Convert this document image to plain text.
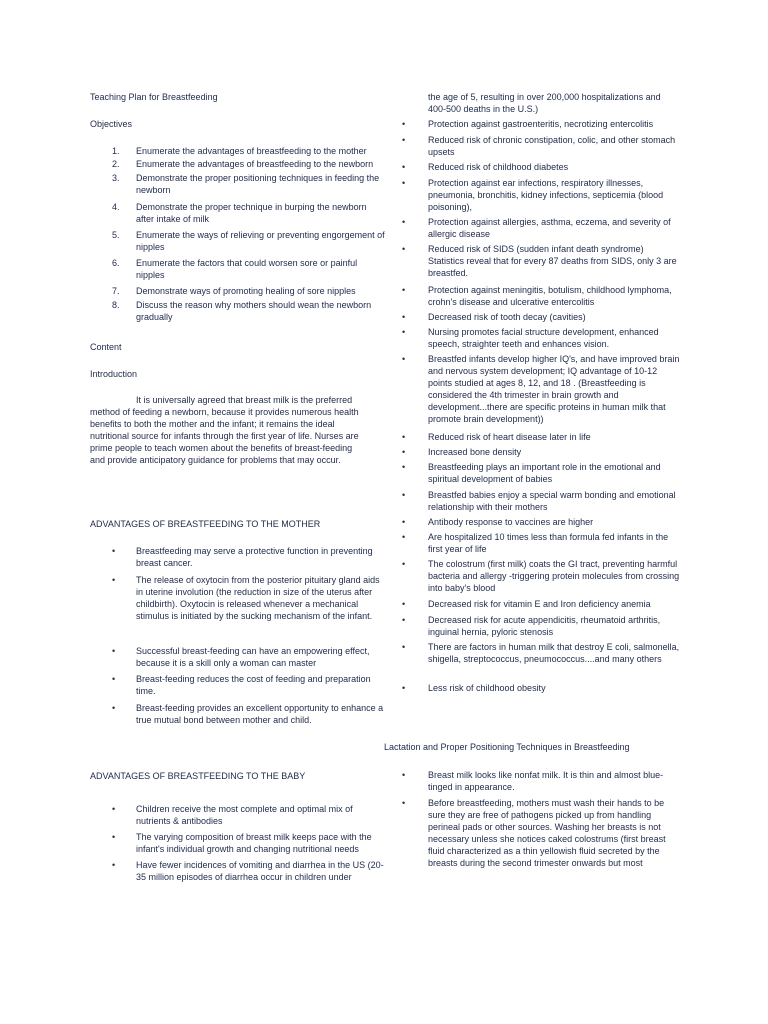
Teaching Plan for Breastfeeding
Objectives
1.	Enumerate the advantages of breastfeeding to the mother
2.	Enumerate the advantages of breastfeeding to the newborn
3.	Demonstrate the proper positioning techniques in feeding the newborn
4.	Demonstrate the proper technique in burping the newborn after intake of milk
5.	Enumerate the ways of relieving or preventing engorgement of nipples
6.	Enumerate the factors that could worsen sore or painful nipples
7.	Demonstrate ways of promoting healing of sore nipples
8.	Discuss the reason why mothers should wean the newborn gradually
Content
Introduction
It is universally agreed that breast milk is the preferred method of feeding a newborn, because it provides numerous health benefits to both the mother and the infant; it remains the ideal nutritional source for infants through the first year of life. Nurses are prime people to teach women about the benefits of breast-feeding and provide anticipatory guidance for problems that may occur.
ADVANTAGES OF BREASTFEEDING TO THE MOTHER
•	Breastfeeding may serve a protective function in preventing breast cancer.
•	The release of oxytocin from the posterior pituitary gland aids in uterine involution (the reduction in size of the uterus after childbirth). Oxytocin is released whenever a mechanical stimulus is initiated by the sucking mechanism of the infant.
•	Successful breast-feeding can have an empowering effect, because it is a skill only a woman can master
•	Breast-feeding reduces the cost of feeding and preparation time.
•	Breast-feeding provides an excellent opportunity to enhance a true mutual bond between mother and child.
ADVANTAGES OF BREASTFEEDING TO THE BABY
•	Children receive the most complete and optimal mix of nutrients & antibodies
•	The varying composition of breast milk keeps pace with the infant's individual growth and changing nutritional needs
•	Have fewer incidences of vomiting and diarrhea in the US (20-35 million episodes of diarrhea occur in children under
the age of 5, resulting in over 200,000 hospitalizations and 400-500 deaths in the U.S.)
•	Protection against gastroenteritis, necrotizing entercolitis
•	Reduced risk of chronic constipation, colic, and other stomach upsets
•	Reduced risk of childhood diabetes
•	Protection against ear infections, respiratory illnesses, pneumonia, bronchitis, kidney infections, septicemia (blood poisoning),
•	Protection against allergies, asthma, eczema, and severity of allergic disease
•	Reduced risk of SIDS (sudden infant death syndrome) Statistics reveal that for every 87 deaths from SIDS, only 3 are breastfed.
•	Protection against meningitis, botulism, childhood lymphoma, crohn's disease and ulcerative entercolitis
•	Decreased risk of tooth decay (cavities)
•	Nursing promotes facial structure development, enhanced speech, straighter teeth and enhances vision.
•	Breastfed infants develop higher IQ's, and have improved brain and nervous system development; IQ advantage of 10-12 points studied at ages 8, 12, and 18 . (Breastfeeding is considered the 4th trimester in brain growth and development...there are specific proteins in human milk that promote brain development))
•	Reduced risk of heart disease later in life
•	Increased bone density
•	Breastfeeding plays an important role in the emotional and spiritual development of babies
•	Breastfed babies enjoy a special warm bonding and emotional relationship with their mothers
•	Antibody response to vaccines are higher
•	Are hospitalized 10 times less than formula fed infants in the first year of life
•	The colostrum (first milk) coats the GI tract, preventing harmful bacteria and allergy -triggering protein molecules from crossing into baby's blood
•	Decreased risk for vitamin E and Iron deficiency anemia
•	Decreased risk for acute appendicitis, rheumatoid arthritis, inguinal hernia, pyloric stenosis
•	There are factors in human milk that destroy E coli, salmonella, shigella, streptococcus, pneumococcus....and many others
•	Less risk of childhood obesity
Lactation and Proper Positioning Techniques in Breastfeeding
•	Breast milk looks like nonfat milk. It is thin and almost blue-tinged in appearance.
•	Before breastfeeding, mothers must wash their hands to be sure they are free of pathogens picked up from handling perineal pads or other sources. Washing her breasts is not necessary unless she notices caked colostrums (first breast fluid characterized as a thin yellowish fluid secreted by the breasts during the second trimester onwards but most
